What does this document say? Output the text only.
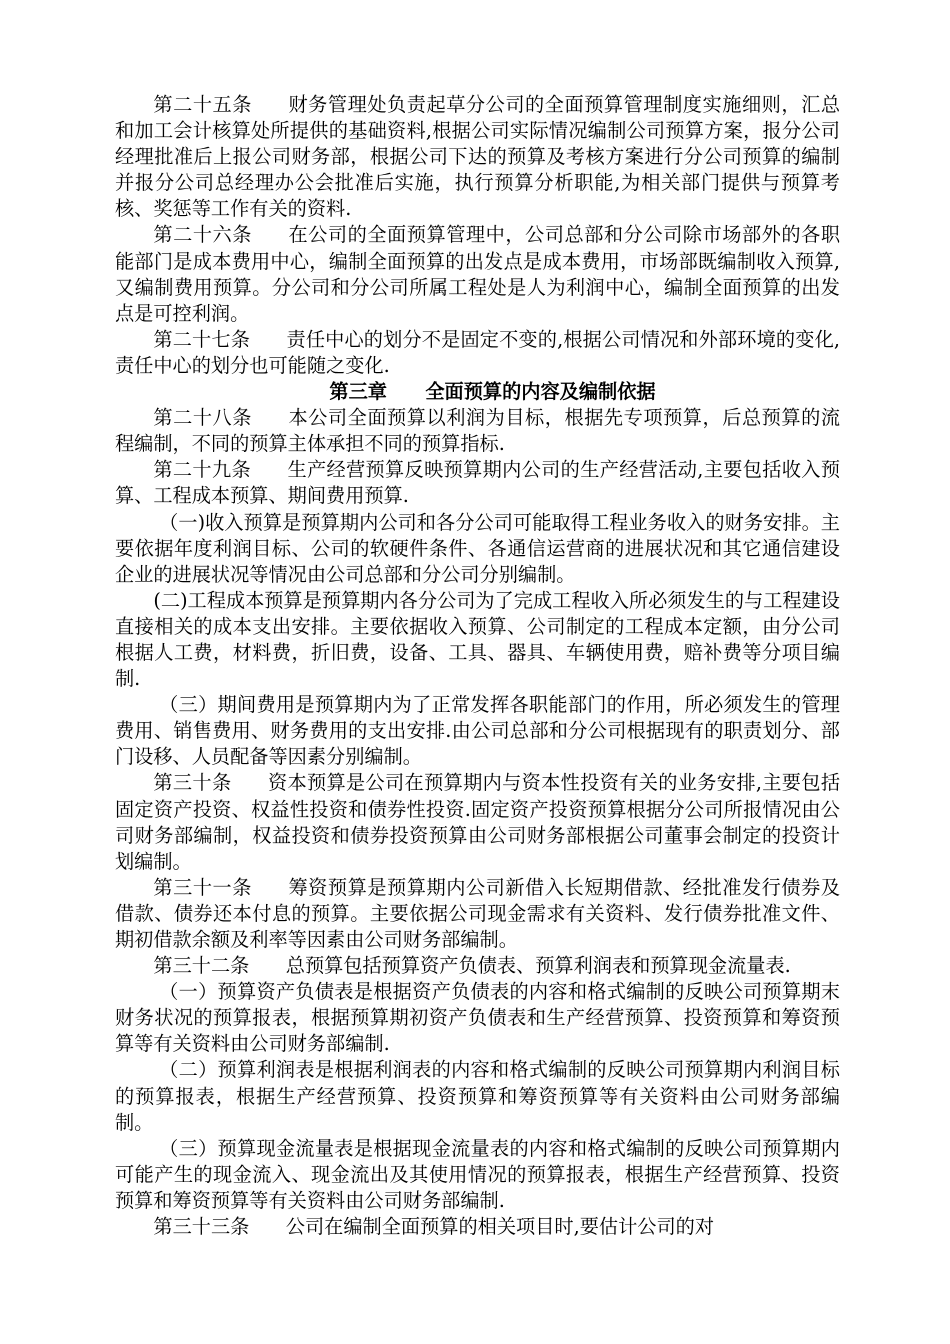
第二十五条 财务管理处负责起草分公司的全面预算管理制度实施细则，汇总和加工会计核算处所提供的基础资料,根据公司实际情况编制公司预算方案，报分公司经理批准后上报公司财务部，根据公司下达的预算及考核方案进行分公司预算的编制并报分公司总经理办公会批准后实施，执行预算分析职能,为相关部门提供与预算考核、奖惩等工作有关的资料.

第二十六条 在公司的全面预算管理中，公司总部和分公司除市场部外的各职能部门是成本费用中心，编制全面预算的出发点是成本费用，市场部既编制收入预算,又编制费用预算。分公司和分公司所属工程处是人为利润中心，编制全面预算的出发点是可控利润。

第二十七条 责任中心的划分不是固定不变的,根据公司情况和外部环境的变化,责任中心的划分也可能随之变化.

第三章 全面预算的内容及编制依据

第二十八条 本公司全面预算以利润为目标，根据先专项预算，后总预算的流程编制，不同的预算主体承担不同的预算指标.

第二十九条 生产经营预算反映预算期内公司的生产经营活动,主要包括收入预算、工程成本预算、期间费用预算.

（一)收入预算是预算期内公司和各分公司可能取得工程业务收入的财务安排。主要依据年度利润目标、公司的软硬件条件、各通信运营商的进展状况和其它通信建设企业的进展状况等情况由公司总部和分公司分别编制。

(二)工程成本预算是预算期内各分公司为了完成工程收入所必须发生的与工程建设直接相关的成本支出安排。主要依据收入预算、公司制定的工程成本定额，由分公司根据人工费，材料费，折旧费，设备、工具、器具、车辆使用费，赔补费等分项目编制.

（三）期间费用是预算期内为了正常发挥各职能部门的作用，所必须发生的管理费用、销售费用、财务费用的支出安排.由公司总部和分公司根据现有的职责划分、部门设移、人员配备等因素分别编制。

第三十条 资本预算是公司在预算期内与资本性投资有关的业务安排,主要包括固定资产投资、权益性投资和债券性投资.固定资产投资预算根据分公司所报情况由公司财务部编制，权益投资和债券投资预算由公司财务部根据公司董事会制定的投资计划编制。

第三十一条 筹资预算是预算期内公司新借入长短期借款、经批准发行债券及借款、债券还本付息的预算。主要依据公司现金需求有关资料、发行债券批准文件、期初借款余额及利率等因素由公司财务部编制。

第三十二条 总预算包括预算资产负债表、预算利润表和预算现金流量表.

（一）预算资产负债表是根据资产负债表的内容和格式编制的反映公司预算期末财务状况的预算报表，根据预算期初资产负债表和生产经营预算、投资预算和筹资预算等有关资料由公司财务部编制.

（二）预算利润表是根据利润表的内容和格式编制的反映公司预算期内利润目标的预算报表，根据生产经营预算、投资预算和筹资预算等有关资料由公司财务部编制。

（三）预算现金流量表是根据现金流量表的内容和格式编制的反映公司预算期内可能产生的现金流入、现金流出及其使用情况的预算报表，根据生产经营预算、投资预算和筹资预算等有关资料由公司财务部编制.

第三十三条 公司在编制全面预算的相关项目时,要估计公司的对
